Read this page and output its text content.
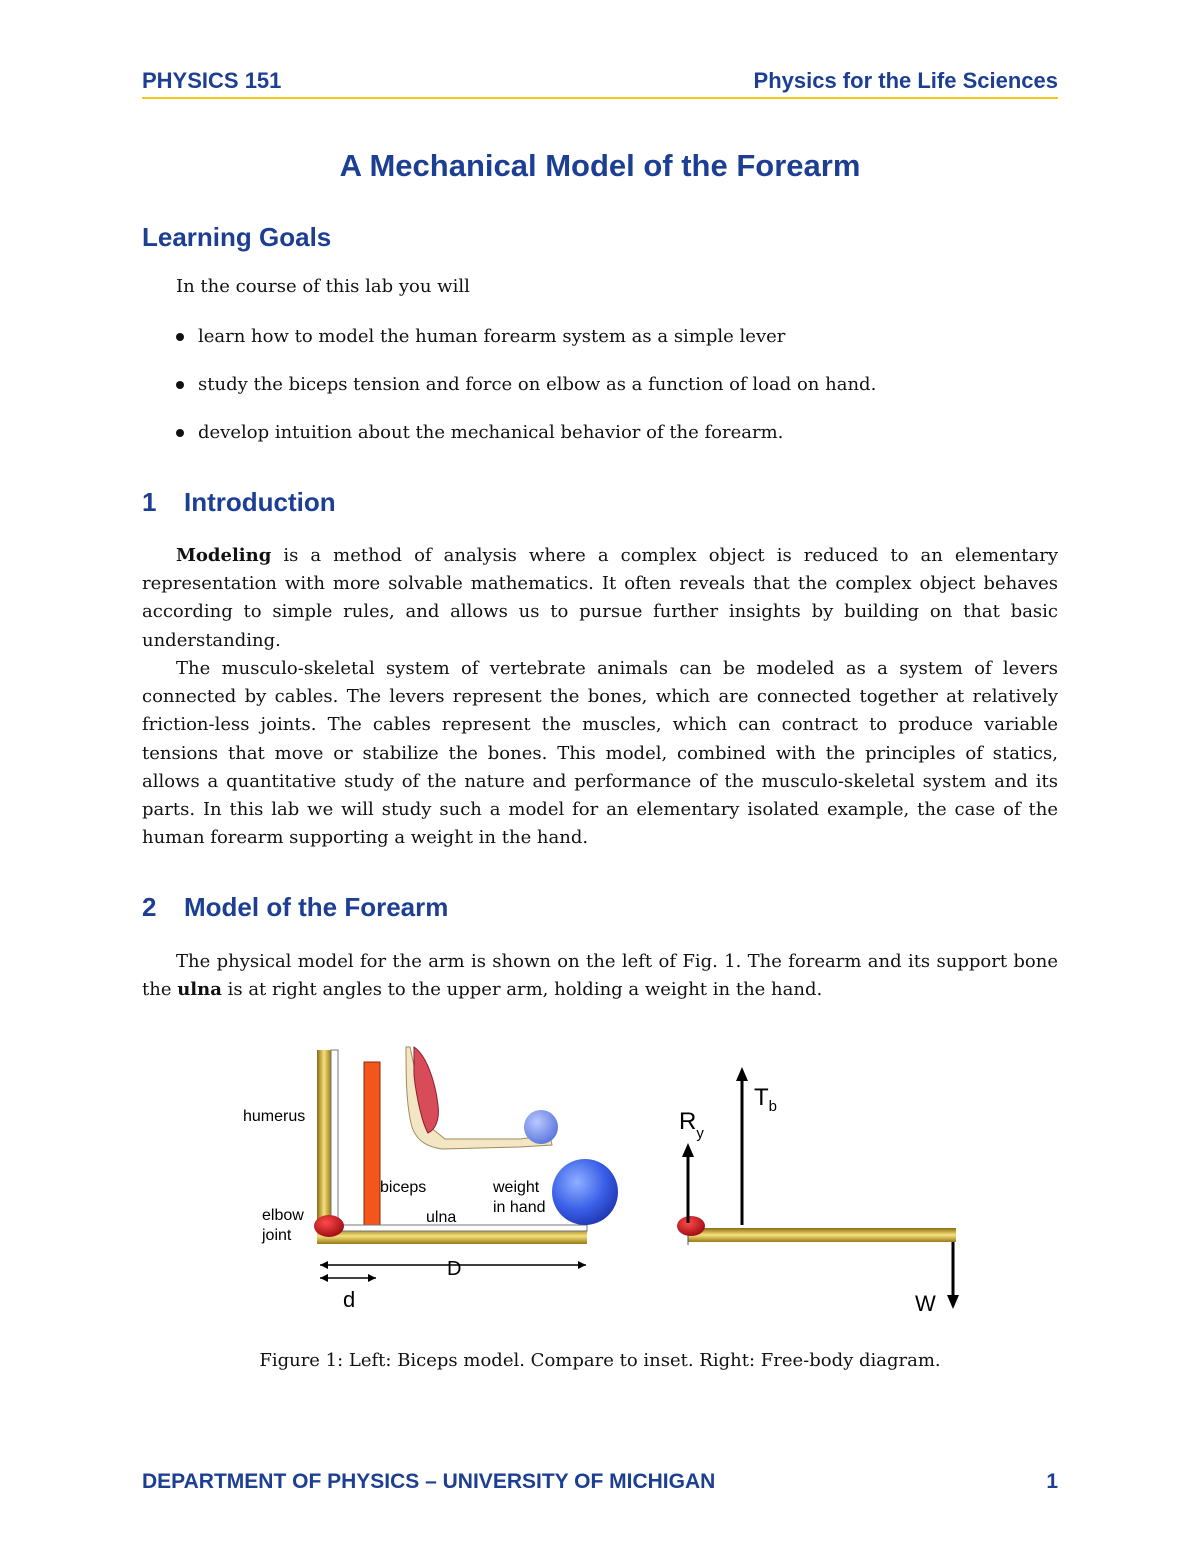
PHYSICS 151	Physics for the Life Sciences
A Mechanical Model of the Forearm
Learning Goals
In the course of this lab you will
learn how to model the human forearm system as a simple lever
study the biceps tension and force on elbow as a function of load on hand.
develop intuition about the mechanical behavior of the forearm.
1 Introduction
Modeling is a method of analysis where a complex object is reduced to an elementary representation with more solvable mathematics. It often reveals that the complex object behaves according to simple rules, and allows us to pursue further insights by building on that basic understanding.
The musculo-skeletal system of vertebrate animals can be modeled as a system of levers connected by cables. The levers represent the bones, which are connected together at relatively friction-less joints. The cables represent the muscles, which can contract to produce variable tensions that move or stabilize the bones. This model, combined with the principles of statics, allows a quantitative study of the nature and performance of the musculo-skeletal system and its parts. In this lab we will study such a model for an elementary isolated example, the case of the human forearm supporting a weight in the hand.
2 Model of the Forearm
The physical model for the arm is shown on the left of Fig. 1. The forearm and its support bone the ulna is at right angles to the upper arm, holding a weight in the hand.
humerus
biceps
elbow
joint
ulna
weight
in hand
D
d
$R_y$
$T_b$
W
Figure 1: Left: Biceps model. Compare to inset. Right: Free-body diagram.
DEPARTMENT OF PHYSICS – UNIVERSITY OF MICHIGAN	1
